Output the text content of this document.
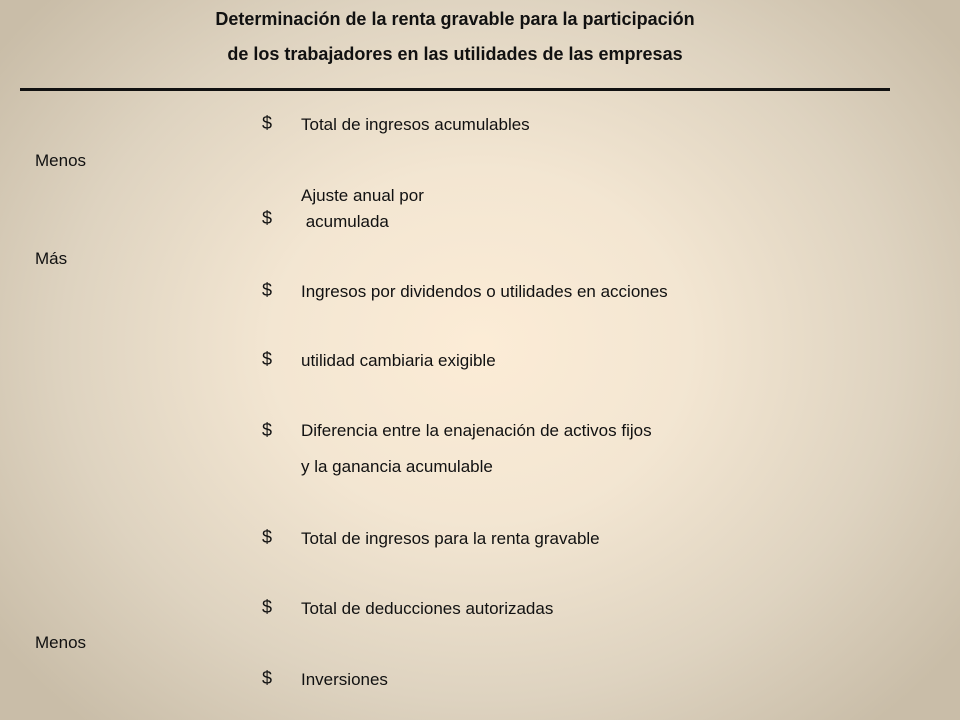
Determinación de la renta gravable para la participación
de los trabajadores en las utilidades de las empresas
Menos
Más
Menos
$ Total de ingresos acumulables
$
Ajuste anual por
acumulada
$ Ingresos por dividendos o utilidades en acciones
$ utilidad cambiaria exigible
$ Diferencia entre la enajenación de activos fijos
y la ganancia acumulable
$ Total de ingresos para la renta gravable
$ Total de deducciones autorizadas
$ Inversiones
